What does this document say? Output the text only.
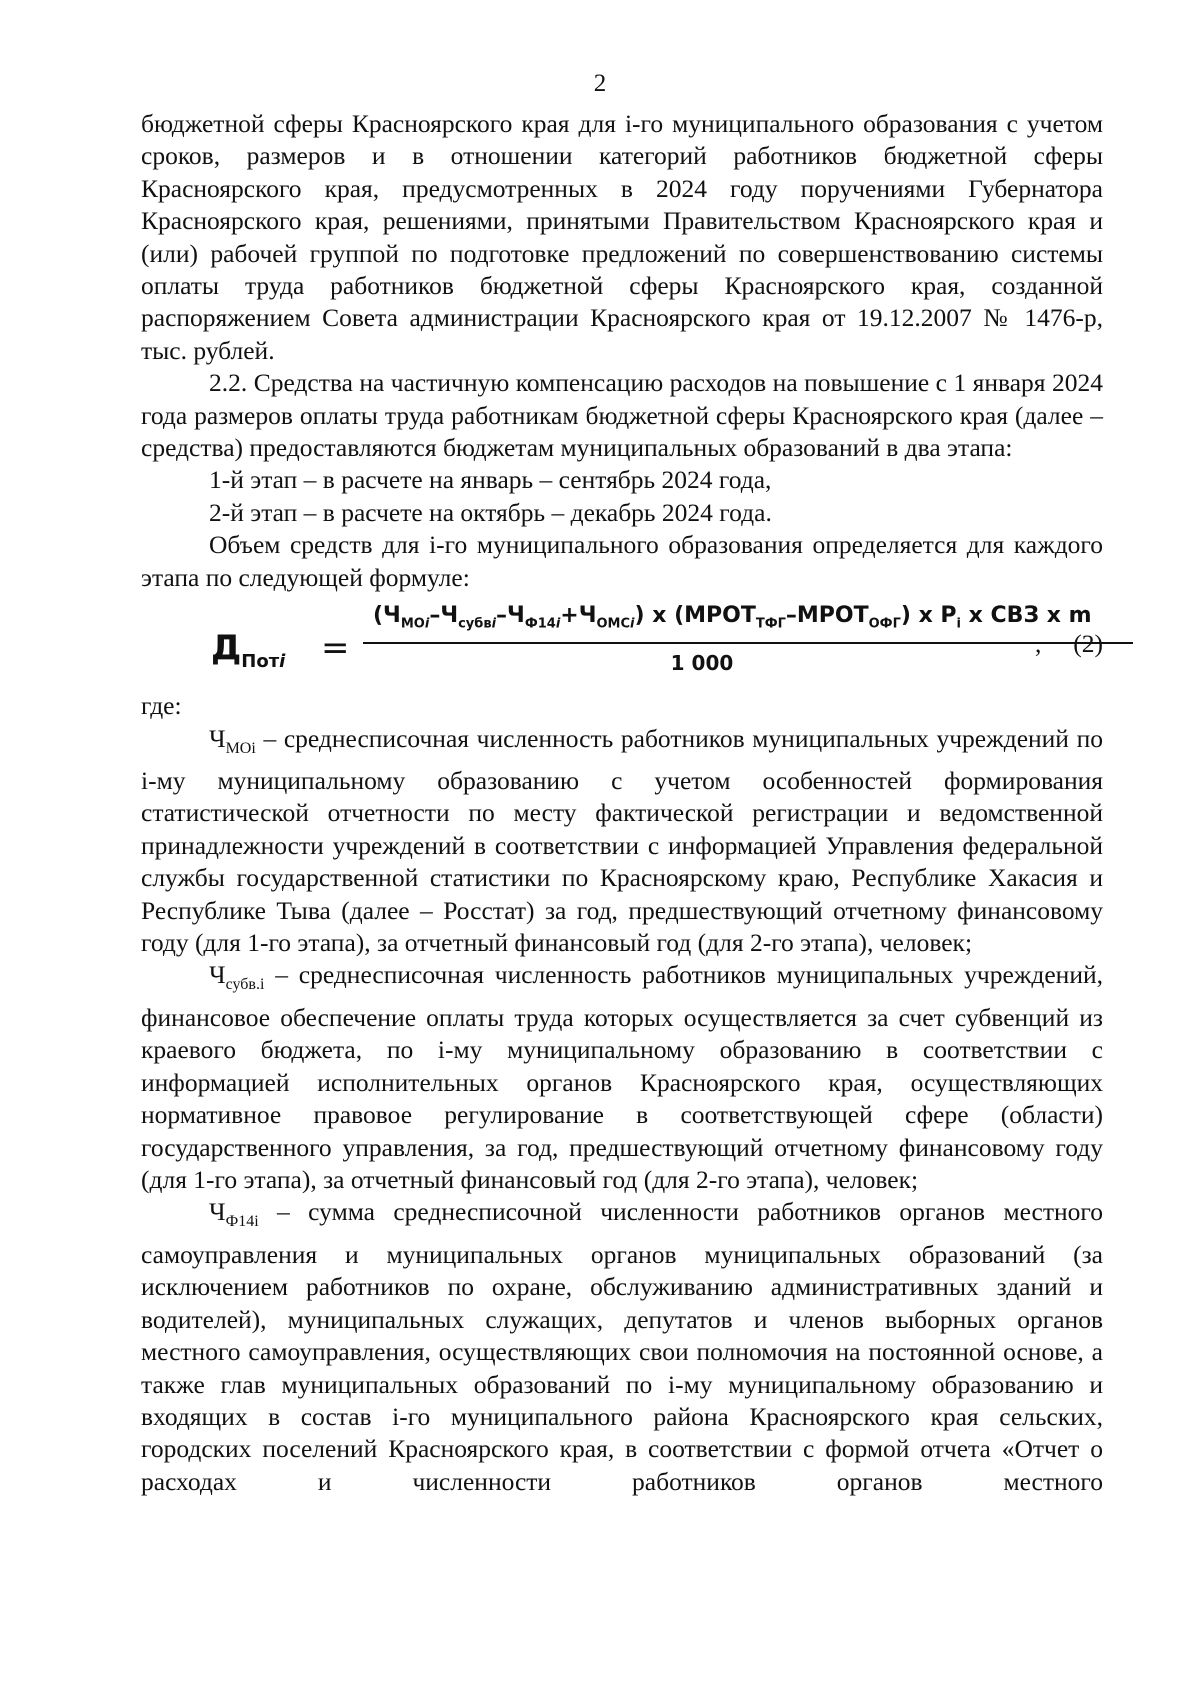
2

бюджетной сферы Красноярского края для i-го муниципального образования с учетом сроков, размеров и в отношении категорий работников бюджетной сферы Красноярского края, предусмотренных в 2024 году поручениями Губернатора Красноярского края, решениями, принятыми Правительством Красноярского края и (или) рабочей группой по подготовке предложений по совершенствованию системы оплаты труда работников бюджетной сферы Красноярского края, созданной распоряжением Совета администрации Красноярского края от 19.12.2007 № 1476-р, тыс. рублей.

2.2. Средства на частичную компенсацию расходов на повышение с 1 января 2024 года размеров оплаты труда работникам бюджетной сферы Красноярского края (далее – средства) предоставляются бюджетам муниципальных образований в два этапа:

1-й этап – в расчете на январь – сентябрь 2024 года,

2-й этап – в расчете на октябрь – декабрь 2024 года.

Объем средств для i-го муниципального образования определяется для каждого этапа по следующей формуле:

$Д_{Потi}$ =
$(Ч_{MOi}-Ч_{субвi}-Ч_{Ф14i}+Ч_{OMCi})$ x $(МРОТ_{ТФГ}-МРОТ_{ОФГ})$ x $P_i$ x СВЗ x m
1 000
, (2)

где:

$Ч_{MOi}$ – среднесписочная численность работников муниципальных учреждений по i-му муниципальному образованию с учетом особенностей формирования статистической отчетности по месту фактической регистрации и ведомственной принадлежности учреждений в соответствии с информацией Управления федеральной службы государственной статистики по Красноярскому краю, Республике Хакасия и Республике Тыва (далее – Росстат) за год, предшествующий отчетному финансовому году (для 1-го этапа), за отчетный финансовый год (для 2-го этапа), человек;

$Ч_{субв.i}$ – среднесписочная численность работников муниципальных учреждений, финансовое обеспечение оплаты труда которых осуществляется за счет субвенций из краевого бюджета, по i-му муниципальному образованию в соответствии с информацией исполнительных органов Красноярского края, осуществляющих нормативное правовое регулирование в соответствующей сфере (области) государственного управления, за год, предшествующий отчетному финансовому году (для 1-го этапа), за отчетный финансовый год (для 2-го этапа), человек;

$Ч_{Ф14i}$ – сумма среднесписочной численности работников органов местного самоуправления и муниципальных органов муниципальных образований (за исключением работников по охране, обслуживанию административных зданий и водителей), муниципальных служащих, депутатов и членов выборных органов местного самоуправления, осуществляющих свои полномочия на постоянной основе, а также глав муниципальных образований по i-му муниципальному образованию и входящих в состав i-го муниципального района Красноярского края сельских, городских поселений Красноярского края, в соответствии с формой отчета «Отчет о расходах и численности работников органов местного
